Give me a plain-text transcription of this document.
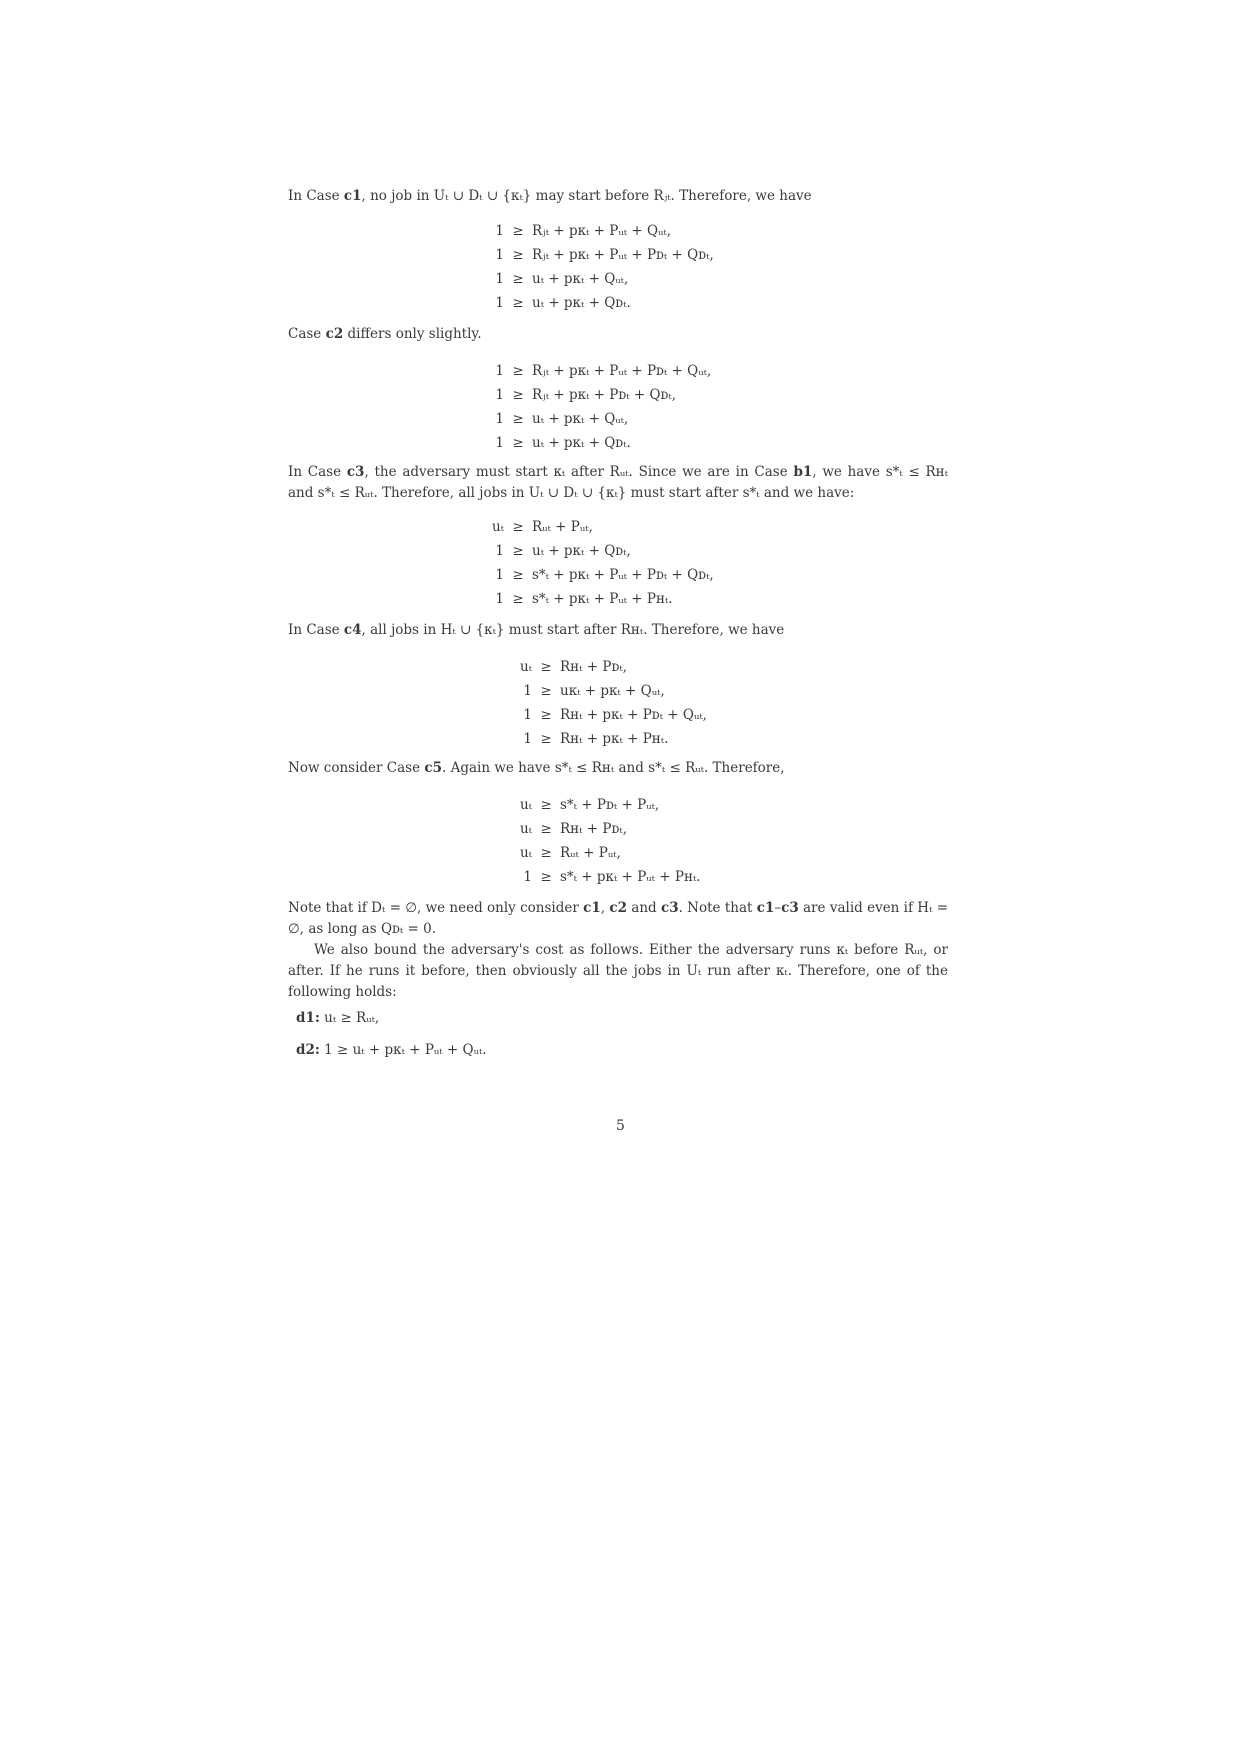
In Case c1, no job in Uₜ ∪ Dₜ ∪ {κₜ} may start before Rⱼₜ. Therefore, we have

1	≥	Rⱼₜ + pκₜ + Pᵤₜ + Qᵤₜ,
1	≥	Rⱼₜ + pκₜ + Pᵤₜ + Pᴅₜ + Qᴅₜ,
1	≥	uₜ + pκₜ + Qᵤₜ,
1	≥	uₜ + pκₜ + Qᴅₜ.

Case c2 differs only slightly.

1	≥	Rⱼₜ + pκₜ + Pᵤₜ + Pᴅₜ + Qᵤₜ,
1	≥	Rⱼₜ + pκₜ + Pᴅₜ + Qᴅₜ,
1	≥	uₜ + pκₜ + Qᵤₜ,
1	≥	uₜ + pκₜ + Qᴅₜ.

In Case c3, the adversary must start κₜ after Rᵤₜ. Since we are in Case b1, we have s*ₜ ≤ Rʜₜ and s*ₜ ≤ Rᵤₜ. Therefore, all jobs in Uₜ ∪ Dₜ ∪ {κₜ} must start after s*ₜ and we have:

uₜ	≥	Rᵤₜ + Pᵤₜ,
1	≥	uₜ + pκₜ + Qᴅₜ,
1	≥	s*ₜ + pκₜ + Pᵤₜ + Pᴅₜ + Qᴅₜ,
1	≥	s*ₜ + pκₜ + Pᵤₜ + Pʜₜ.

In Case c4, all jobs in Hₜ ∪ {κₜ} must start after Rʜₜ. Therefore, we have

uₜ	≥	Rʜₜ + Pᴅₜ,
1	≥	uκₜ + pκₜ + Qᵤₜ,
1	≥	Rʜₜ + pκₜ + Pᴅₜ + Qᵤₜ,
1	≥	Rʜₜ + pκₜ + Pʜₜ.

Now consider Case c5. Again we have s*ₜ ≤ Rʜₜ and s*ₜ ≤ Rᵤₜ. Therefore,

uₜ	≥	s*ₜ + Pᴅₜ + Pᵤₜ,
uₜ	≥	Rʜₜ + Pᴅₜ,
uₜ	≥	Rᵤₜ + Pᵤₜ,
1	≥	s*ₜ + pκₜ + Pᵤₜ + Pʜₜ.

Note that if Dₜ = ∅, we need only consider c1, c2 and c3. Note that c1–c3 are valid even if Hₜ = ∅, as long as Qᴅₜ = 0.

We also bound the adversary's cost as follows. Either the adversary runs κₜ before Rᵤₜ, or after. If he runs it before, then obviously all the jobs in Uₜ run after κₜ. Therefore, one of the following holds:

d1: uₜ ≥ Rᵤₜ,

d2: 1 ≥ uₜ + pκₜ + Pᵤₜ + Qᵤₜ.

5
